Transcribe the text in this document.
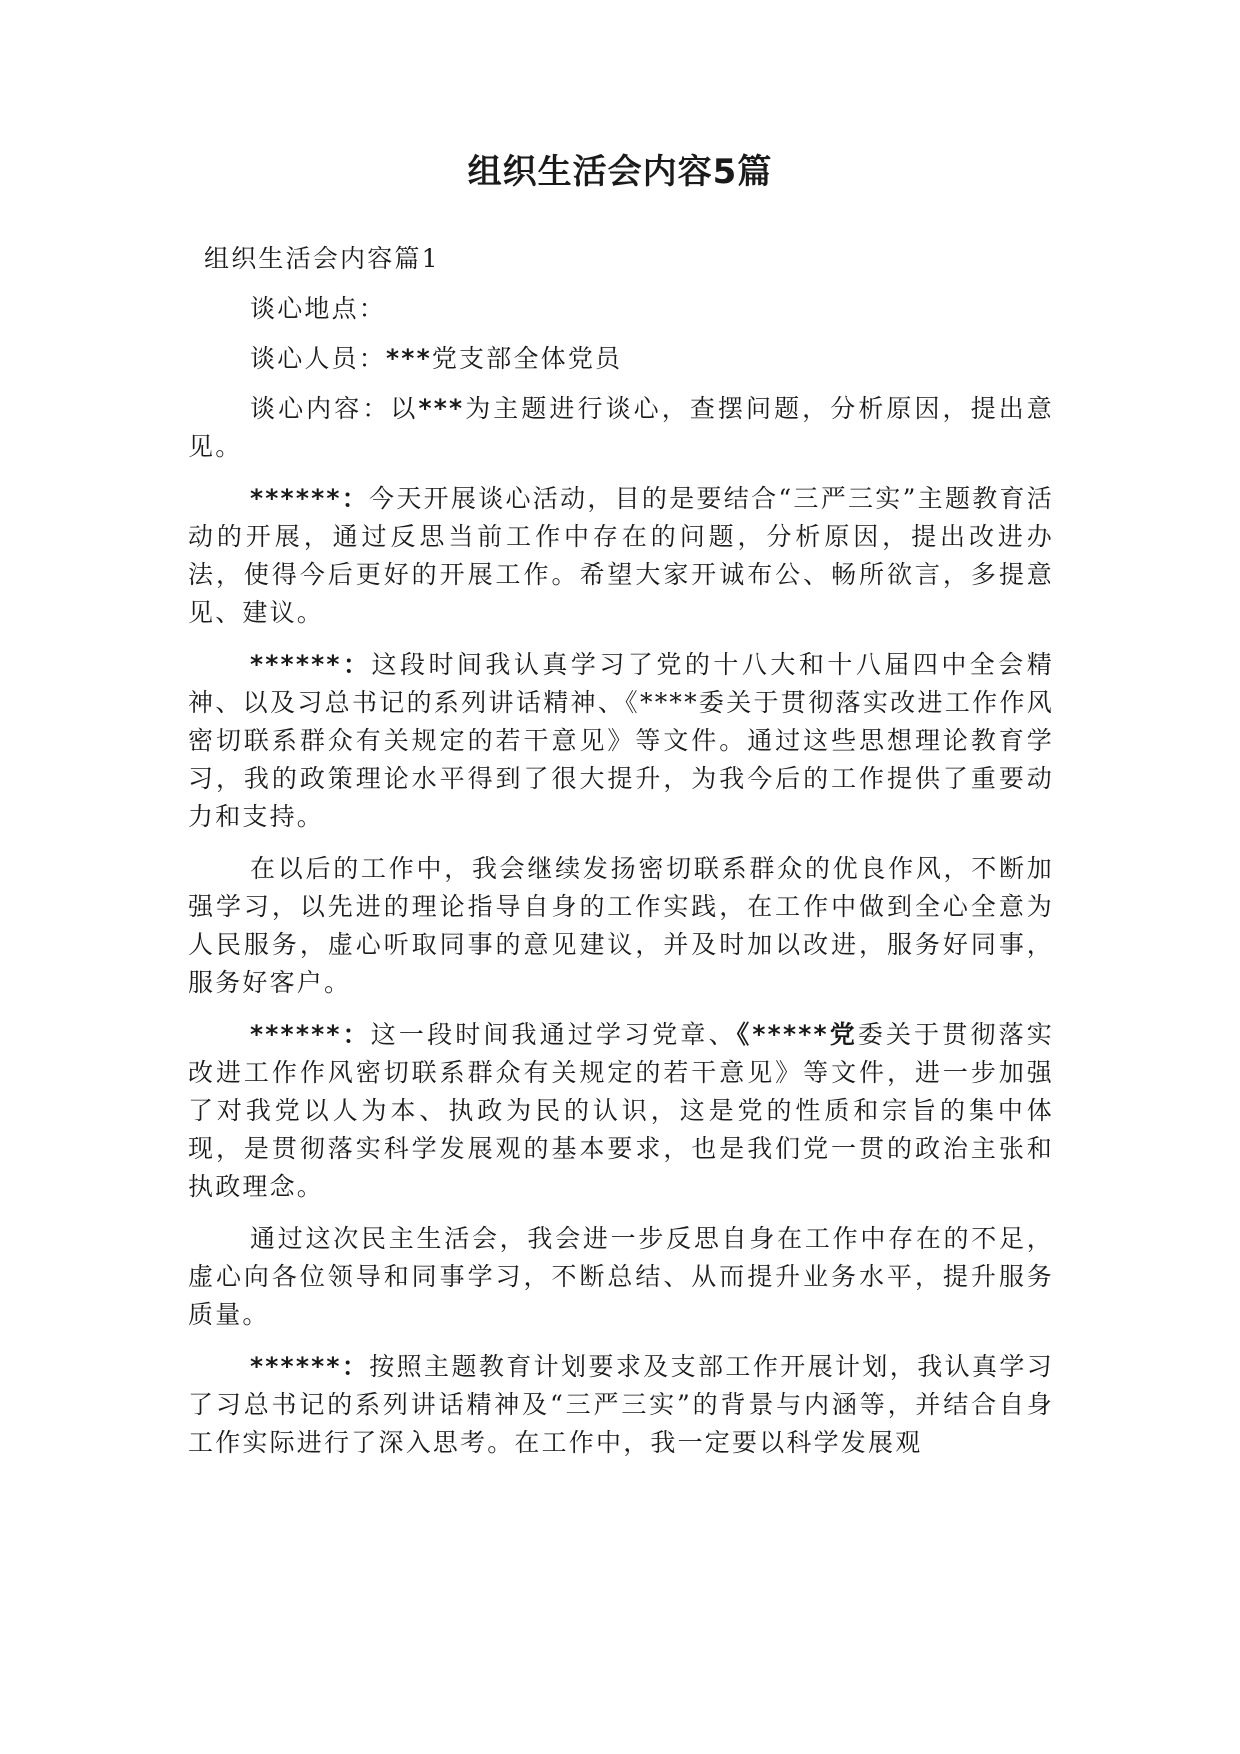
组织生活会内容5篇

组织生活会内容篇1

谈心地点：

谈心人员：***党支部全体党员

谈心内容：以***为主题进行谈心，查摆问题，分析原因，提出意见。

******：今天开展谈心活动，目的是要结合“三严三实”主题教育活动的开展，通过反思当前工作中存在的问题，分析原因，提出改进办法，使得今后更好的开展工作。希望大家开诚布公、畅所欲言，多提意见、建议。

******：这段时间我认真学习了党的十八大和十八届四中全会精神、以及习总书记的系列讲话精神、《****委关于贯彻落实改进工作作风密切联系群众有关规定的若干意见》等文件。通过这些思想理论教育学习，我的政策理论水平得到了很大提升，为我今后的工作提供了重要动力和支持。

在以后的工作中，我会继续发扬密切联系群众的优良作风，不断加强学习，以先进的理论指导自身的工作实践，在工作中做到全心全意为人民服务，虚心听取同事的意见建议，并及时加以改进，服务好同事，服务好客户。

******：这一段时间我通过学习党章、《*****党委关于贯彻落实改进工作作风密切联系群众有关规定的若干意见》等文件，进一步加强了对我党以人为本、执政为民的认识，这是党的性质和宗旨的集中体现，是贯彻落实科学发展观的基本要求，也是我们党一贯的政治主张和执政理念。

通过这次民主生活会，我会进一步反思自身在工作中存在的不足，虚心向各位领导和同事学习，不断总结、从而提升业务水平，提升服务质量。

******：按照主题教育计划要求及支部工作开展计划，我认真学习了习总书记的系列讲话精神及“三严三实”的背景与内涵等，并结合自身工作实际进行了深入思考。在工作中，我一定要以科学发展观
